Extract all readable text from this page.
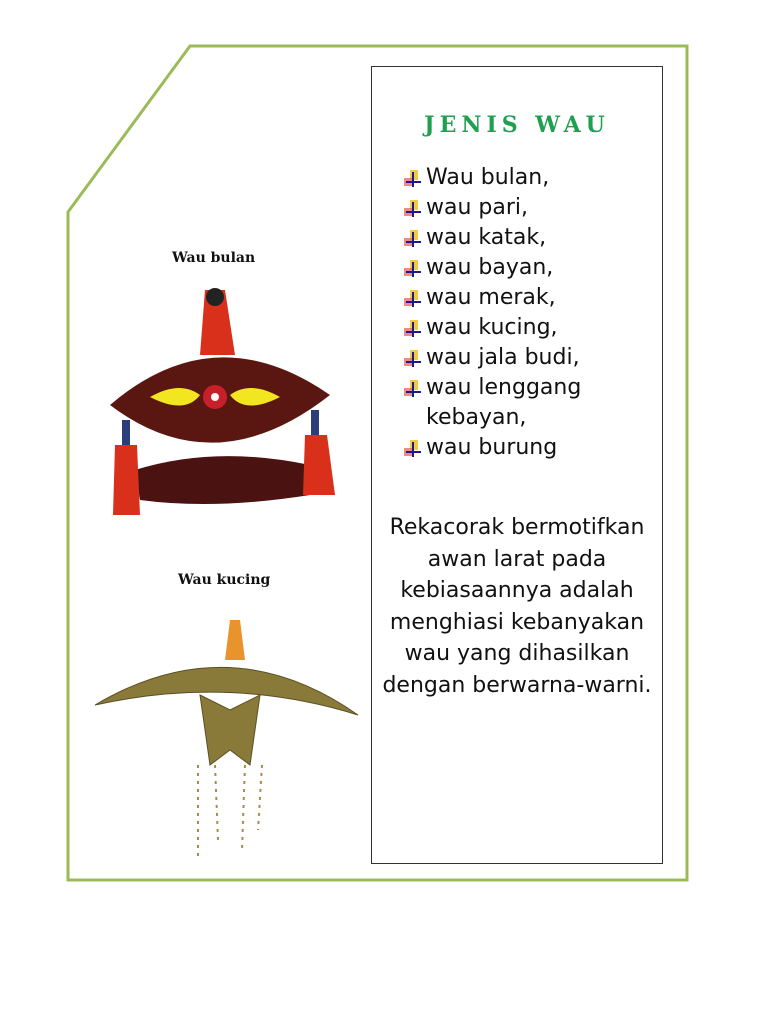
Wau bulan
Wau kucing
JENIS WAU
Wau bulan,
wau pari,
wau katak,
wau bayan,
wau merak,
wau kucing,
wau jala budi,
wau lenggang kebayan,
wau burung
Rekacorak bermotifkan awan larat pada kebiasaannya adalah menghiasi kebanyakan wau yang dihasilkan dengan berwarna-warni.
